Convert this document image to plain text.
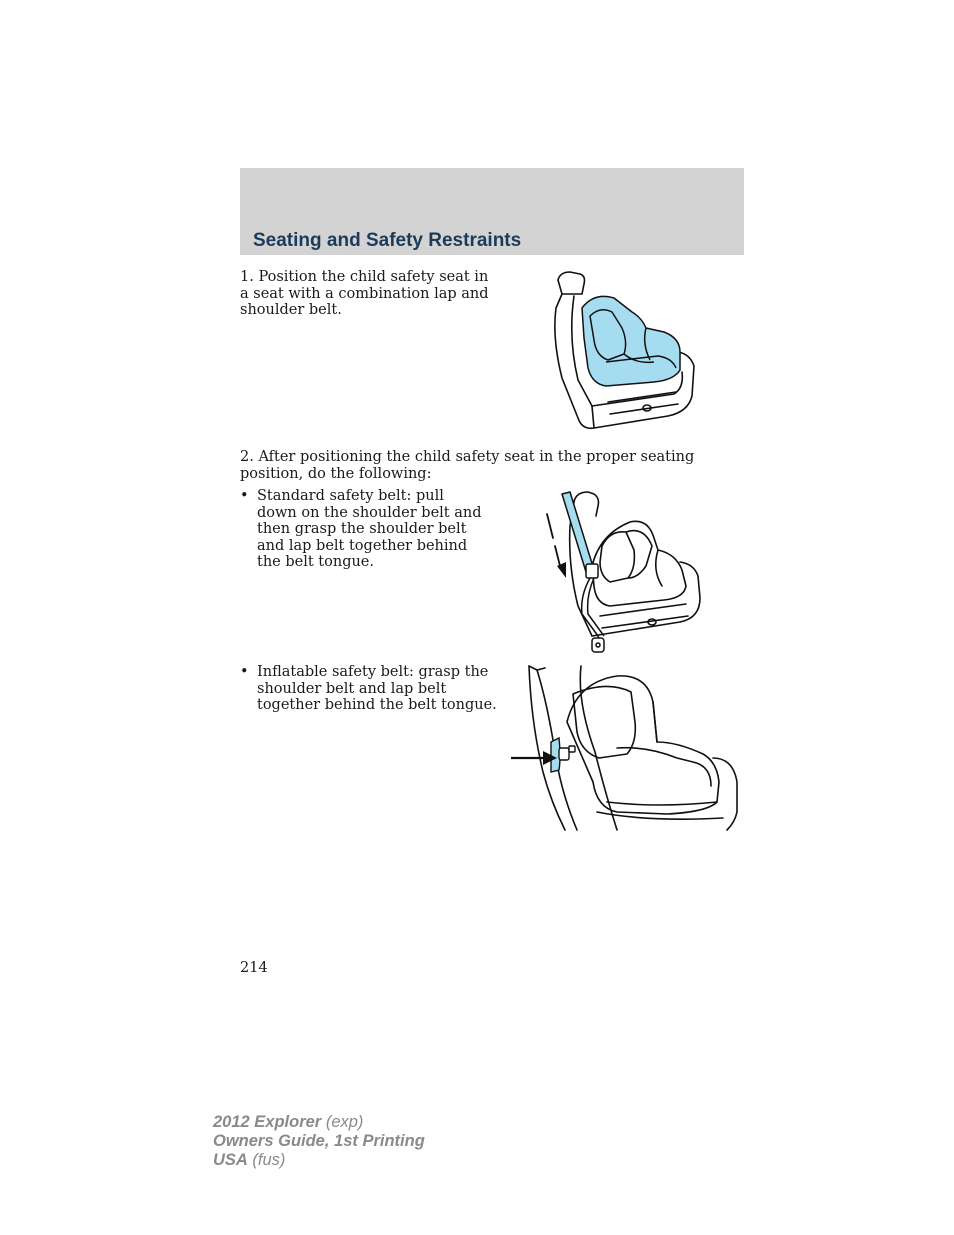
Seating and Safety Restraints

1. Position the child safety seat in a seat with a combination lap and shoulder belt.

2. After positioning the child safety seat in the proper seating position, do the following:

• Standard safety belt: pull down on the shoulder belt and then grasp the shoulder belt and lap belt together behind the belt tongue.
• Inflatable safety belt: grasp the shoulder belt and lap belt together behind the belt tongue.
214
2012 Explorer (exp)
Owners Guide, 1st Printing
USA (fus)
